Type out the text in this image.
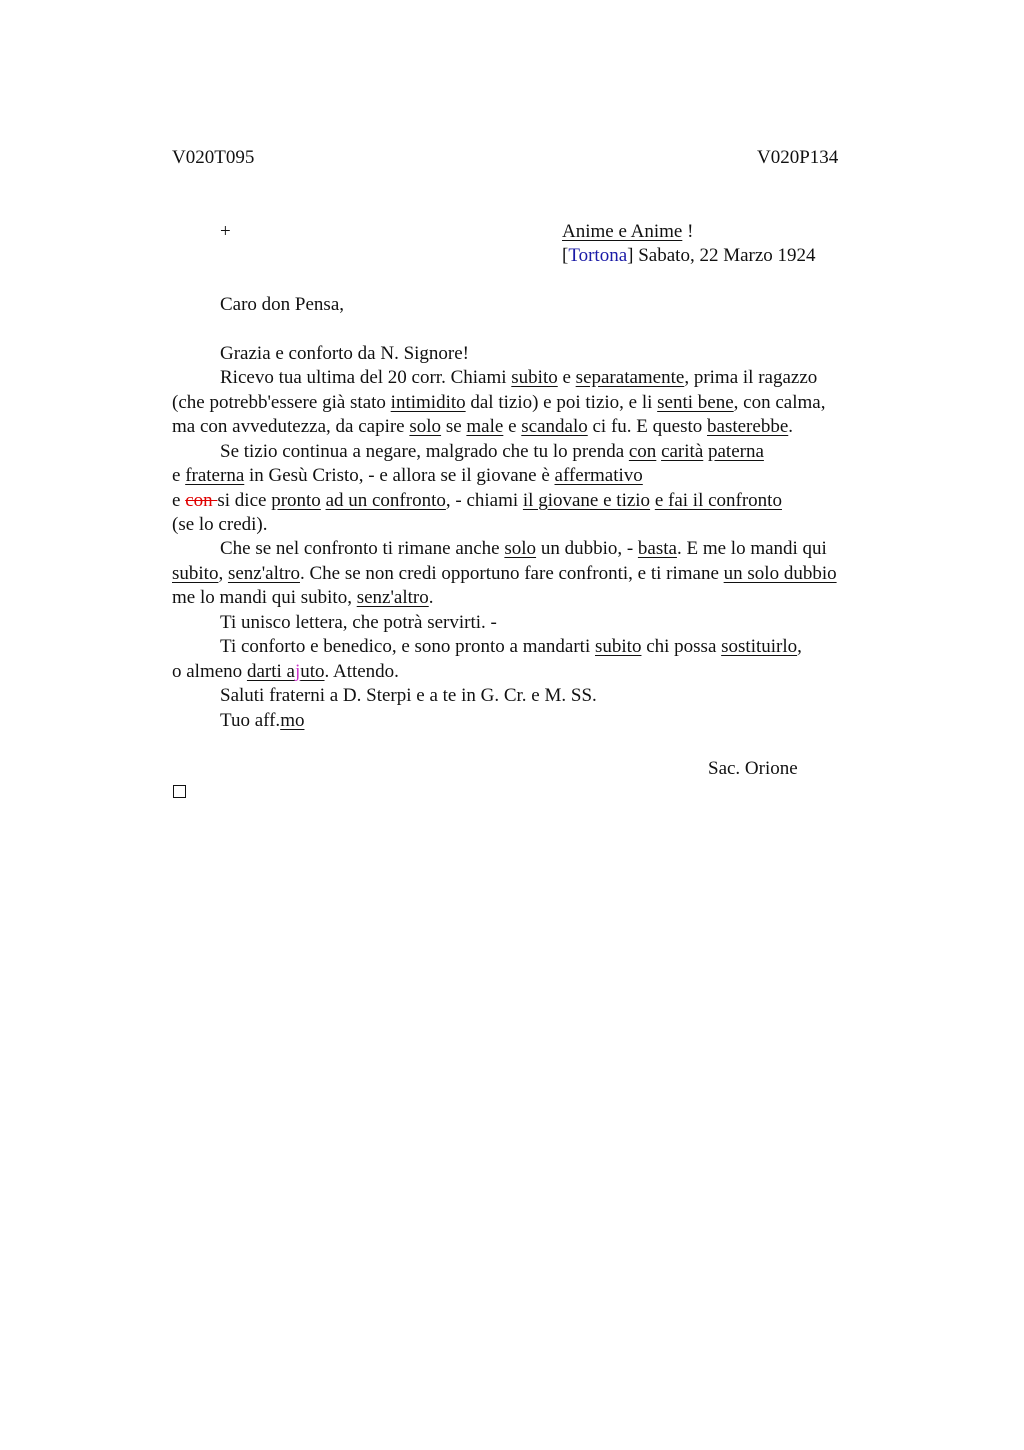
V020T095	V020P134
+	Anime e Anime !
[Tortona] Sabato, 22 Marzo 1924
Caro don Pensa,
Grazia e conforto da N. Signore!
Ricevo tua ultima del 20 corr. Chiami subito e separatamente, prima il ragazzo
(che potrebb'essere già stato intimidito dal tizio) e poi tizio, e li senti bene, con calma,
ma con avvedutezza, da capire solo se male e scandalo ci fu. E questo basterebbe.
Se tizio continua a negare, malgrado che tu lo prenda con carità paterna
e fraterna in Gesù Cristo, - e allora se il giovane è affermativo
e con si dice pronto ad un confronto, - chiami il giovane e tizio e fai il confronto
(se lo credi).
Che se nel confronto ti rimane anche solo un dubbio, - basta. E me lo mandi qui
subito, senz'altro. Che se non credi opportuno fare confronti, e ti rimane un solo dubbio
me lo mandi qui subito, senz'altro.
Ti unisco lettera, che potrà servirti. -
Ti conforto e benedico, e sono pronto a mandarti subito chi possa sostituirlo,
o almeno darti ajuto. Attendo.
Saluti fraterni a D. Sterpi e a te in G. Cr. e M. SS.
Tuo aff.mo
Sac. Orione
